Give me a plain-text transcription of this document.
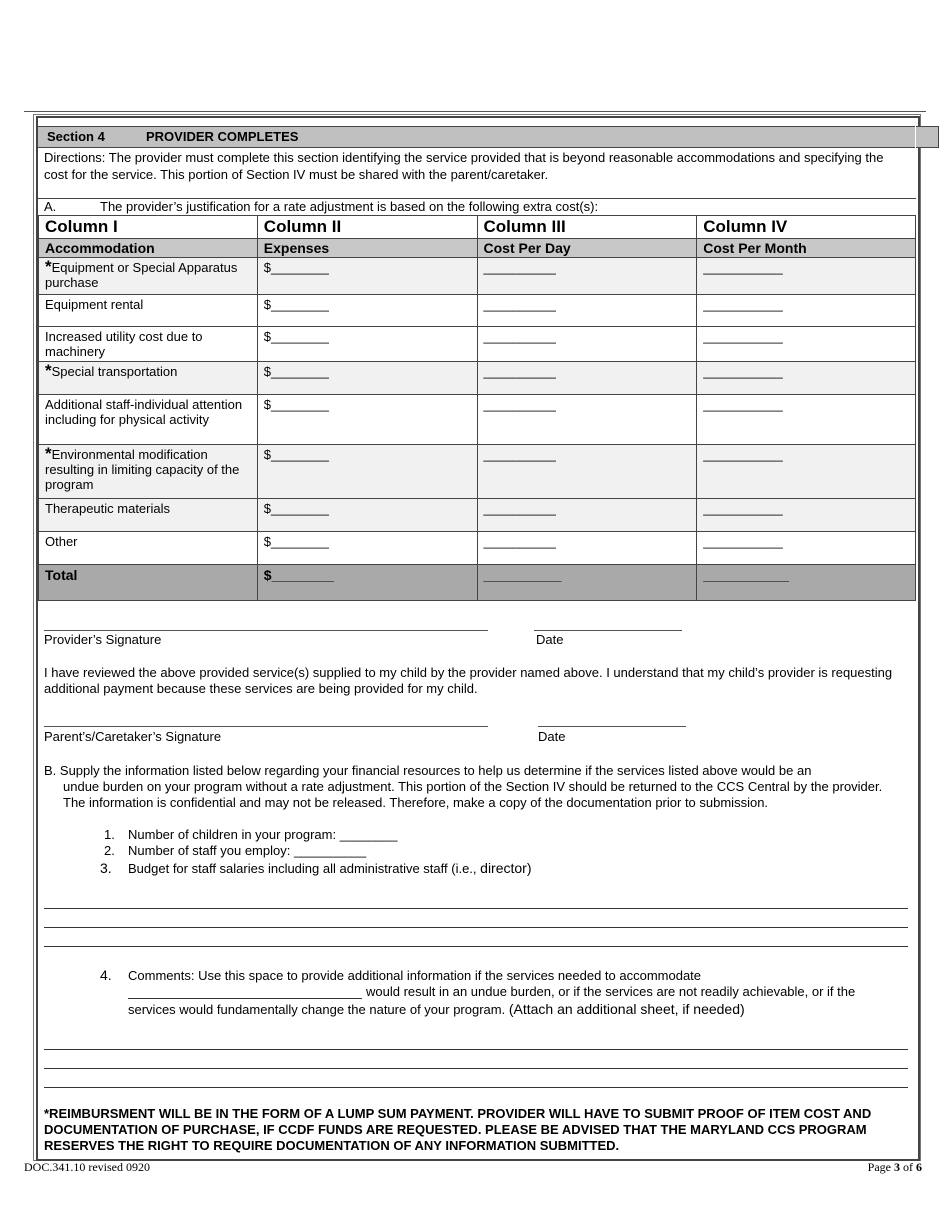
Section 4	PROVIDER COMPLETES
Directions: The provider must complete this section identifying the service provided that is beyond reasonable accommodations and specifying the cost for the service. This portion of Section IV must be shared with the parent/caretaker.
A.	The provider’s justification for a rate adjustment is based on the following extra cost(s):
Column I	Column II	Column III	Column IV
Accommodation	Expenses	Cost Per Day	Cost Per Month
*Equipment or Special Apparatus purchase	$________	__________	___________
Equipment rental	$________	__________	___________
Increased utility cost due to machinery	$________	__________	___________
*Special transportation	$________	__________	___________
Additional staff-individual attention including for physical activity	$________	__________	___________
*Environmental modification resulting in limiting capacity of the program	$________	__________	___________
Therapeutic materials	$________	__________	___________
Other	$________	__________	___________
Total	$________	__________	___________
Provider’s Signature	Date
I have reviewed the above provided service(s) supplied to my child by the provider named above. I understand that my child’s provider is requesting additional payment because these services are being provided for my child.
Parent’s/Caretaker’s Signature	Date
B. Supply the information listed below regarding your financial resources to help us determine if the services listed above would be an
undue burden on your program without a rate adjustment. This portion of the Section IV should be returned to the CCS Central by the provider. The information is confidential and may not be released. Therefore, make a copy of the documentation prior to submission.
1. Number of children in your program: ________
2. Number of staff you employ: __________
3. Budget for staff salaries including all administrative staff (i.e., director)
4. Comments: Use this space to provide additional information if the services needed to accommodate
would result in an undue burden, or if the services are not readily achievable, or if the
services would fundamentally change the nature of your program. (Attach an additional sheet, if needed)
*REIMBURSMENT WILL BE IN THE FORM OF A LUMP SUM PAYMENT. PROVIDER WILL HAVE TO SUBMIT PROOF OF ITEM COST AND DOCUMENTATION OF PURCHASE, IF CCDF FUNDS ARE REQUESTED. PLEASE BE ADVISED THAT THE MARYLAND CCS PROGRAM RESERVES THE RIGHT TO REQUIRE DOCUMENTATION OF ANY INFORMATION SUBMITTED.
DOC.341.10 revised 0920	Page 3 of 6
